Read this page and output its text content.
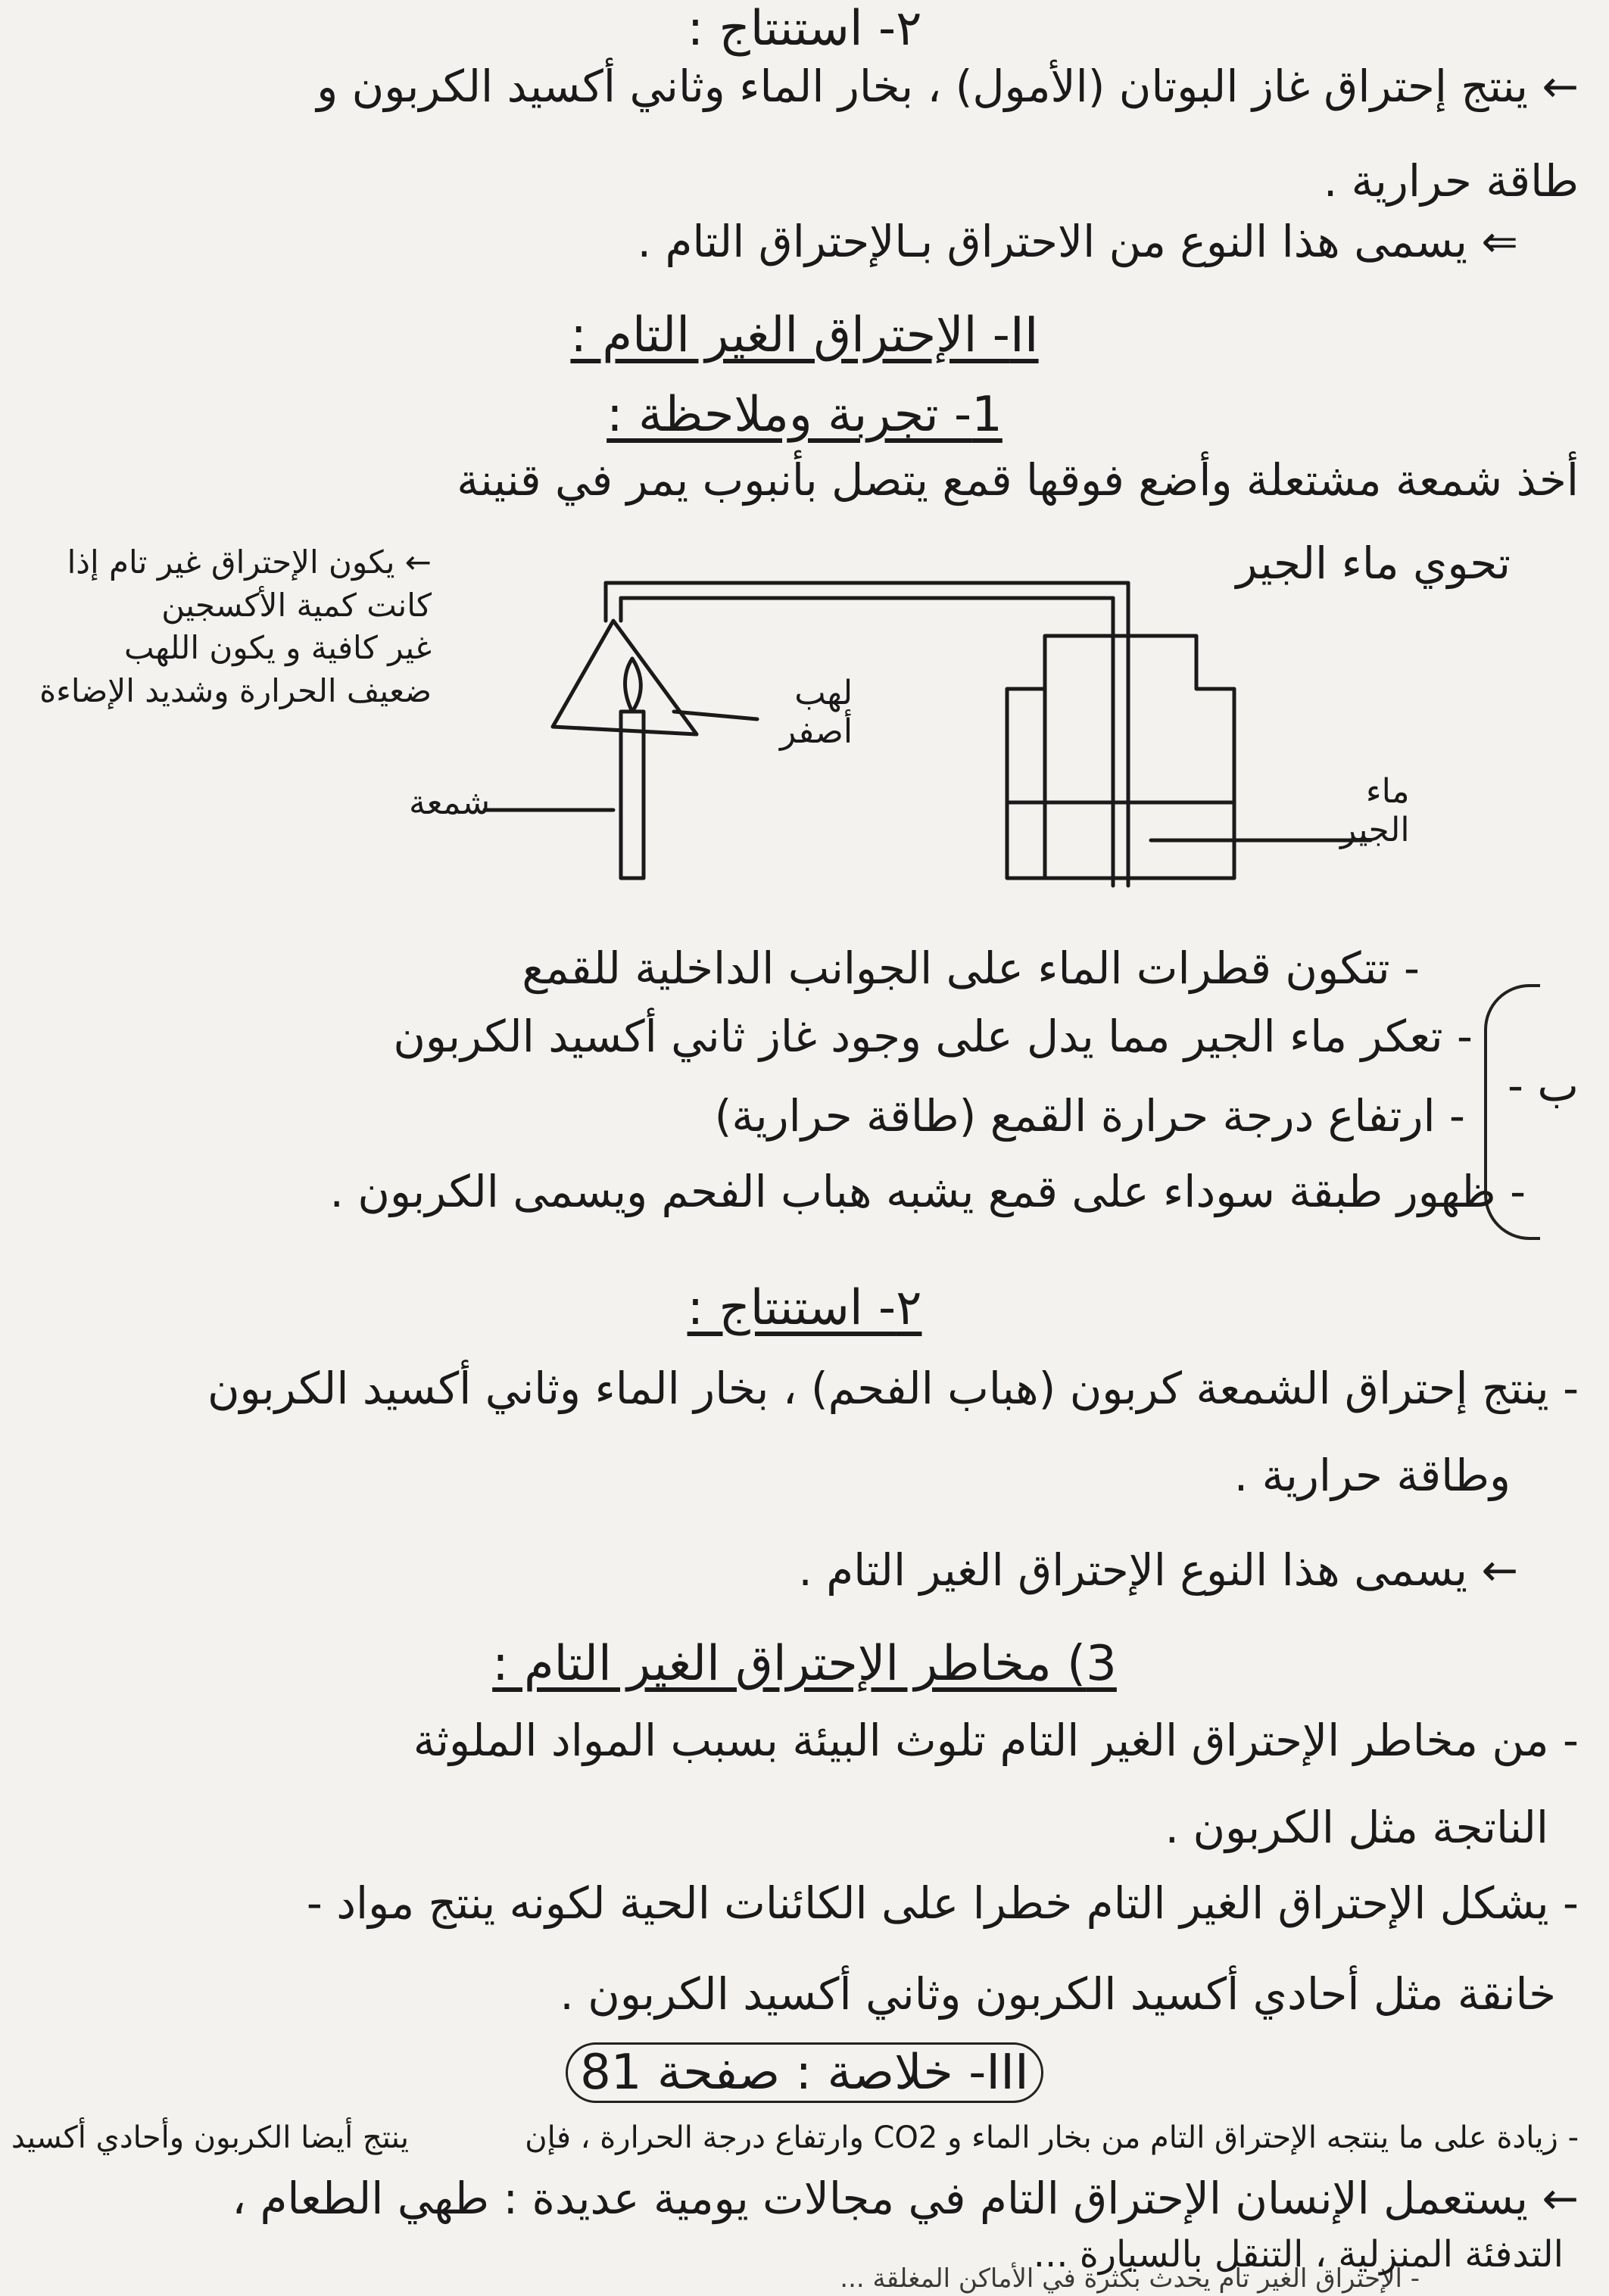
٢- استنتاج :
← ينتج إحتراق غاز البوتان (الأمول) ، بخار الماء وثاني أكسيد الكربون و
طاقة حرارية .
⇐ يسمى هذا النوع من الاحتراق بـالإحتراق التام .
II- الإحتراق الغير التام :
1- تجربة وملاحظة :
أخذ شمعة مشتعلة وأضع فوقها قمع يتصل بأنبوب يمر في قنينة
تحوي ماء الجير
← يكون الإحتراق غير تام إذا
كانت كمية الأكسجين
غير كافية و يكون اللهب
ضعيف الحرارة وشديد الإضاءة	لهب
أصفر
شمعة	ماء
الجير
ب -
- تتكون قطرات الماء على الجوانب الداخلية للقمع
- تعكر ماء الجير مما يدل على وجود غاز ثاني أكسيد الكربون
- ارتفاع درجة حرارة القمع (طاقة حرارية)
- ظهور طبقة سوداء على قمع يشبه هباب الفحم ويسمى الكربون .
٢- استنتاج :
- ينتج إحتراق الشمعة كربون (هباب الفحم) ، بخار الماء وثاني أكسيد الكربون
وطاقة حرارية .
← يسمى هذا النوع الإحتراق الغير التام .
3) مخاطر الإحتراق الغير التام :
- من مخاطر الإحتراق الغير التام تلوث البيئة بسبب المواد الملوثة
الناتجة مثل الكربون .
- يشكل الإحتراق الغير التام خطرا على الكائنات الحية لكونه ينتج مواد -
خانقة مثل أحادي أكسيد الكربون وثاني أكسيد الكربون .
III- خلاصة : صفحة 81
- زيادة على ما ينتجه الإحتراق التام من بخار الماء و CO2 وارتفاع درجة الحرارة ، فإن
ينتج أيضا الكربون وأحادي أكسيد
← يستعمل الإنسان الإحتراق التام في مجالات يومية عديدة : طهي الطعام ،
التدفئة المنزلية ، التنقل بالسيارة ...
- الإحتراق الغير تام يحدث بكثرة في الأماكن المغلقة ...
